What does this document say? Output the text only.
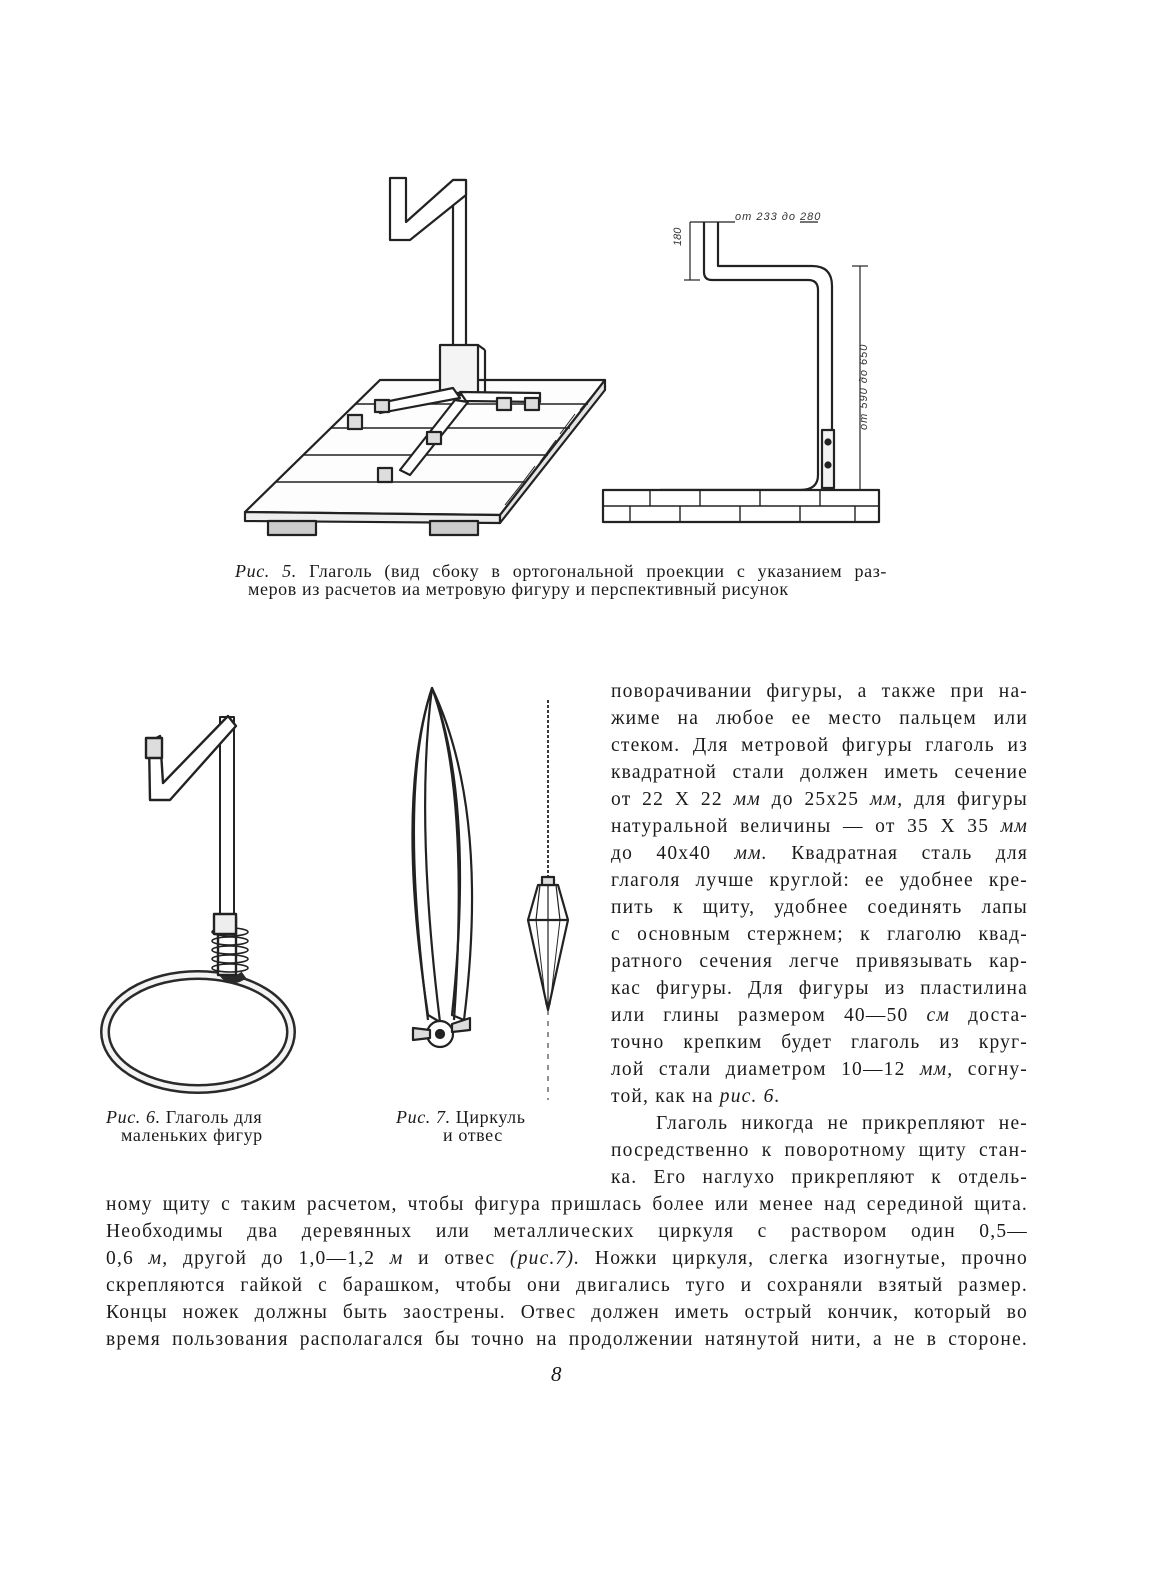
от 233 до 280
180
от 590 до 650
Рис. 5. Глаголь (вид сбоку в ортогональной проекции с указанием раз-
меров из расчетов иа метровую фигуру и перспективный рисунок
Рис. 6. Глаголь для
маленьких фигур
Рис. 7. Циркуль
и отвес
поворачивании фигуры, а также при на-
жиме на любое ее место пальцем или
стеком. Для метровой фигуры глаголь из
квадратной стали должен иметь сечение
от 22 X 22 мм до 25x25 мм, для фигуры
натуральной величины — от 35 X 35 мм
до 40x40 мм. Квадратная сталь для
глаголя лучше круглой: ее удобнее кре-
пить к щиту, удобнее соединять лапы
с основным стержнем; к глаголю квад-
ратного сечения легче привязывать кар-
кас фигуры. Для фигуры из пластилина
или глины размером 40—50 см доста-
точно крепким будет глаголь из круг-
лой стали диаметром 10—12 мм, согну-
той, как на рис. 6.
Глаголь никогда не прикрепляют не-
посредственно к поворотному щиту стан-
ка. Его наглухо прикрепляют к отдель-
ному щиту с таким расчетом, чтобы фигура пришлась более или менее над серединой щита.
Необходимы два деревянных или металлических циркуля с раствором один 0,5—
0,6 м, другой до 1,0—1,2 м и отвес (рис.7). Ножки циркуля, слегка изогнутые, прочно
скрепляются гайкой с барашком, чтобы они двигались туго и сохраняли взятый размер.
Концы ножек должны быть заострены. Отвес должен иметь острый кончик, который во
время пользования располагался бы точно на продолжении натянутой нити, а не в стороне.
8
